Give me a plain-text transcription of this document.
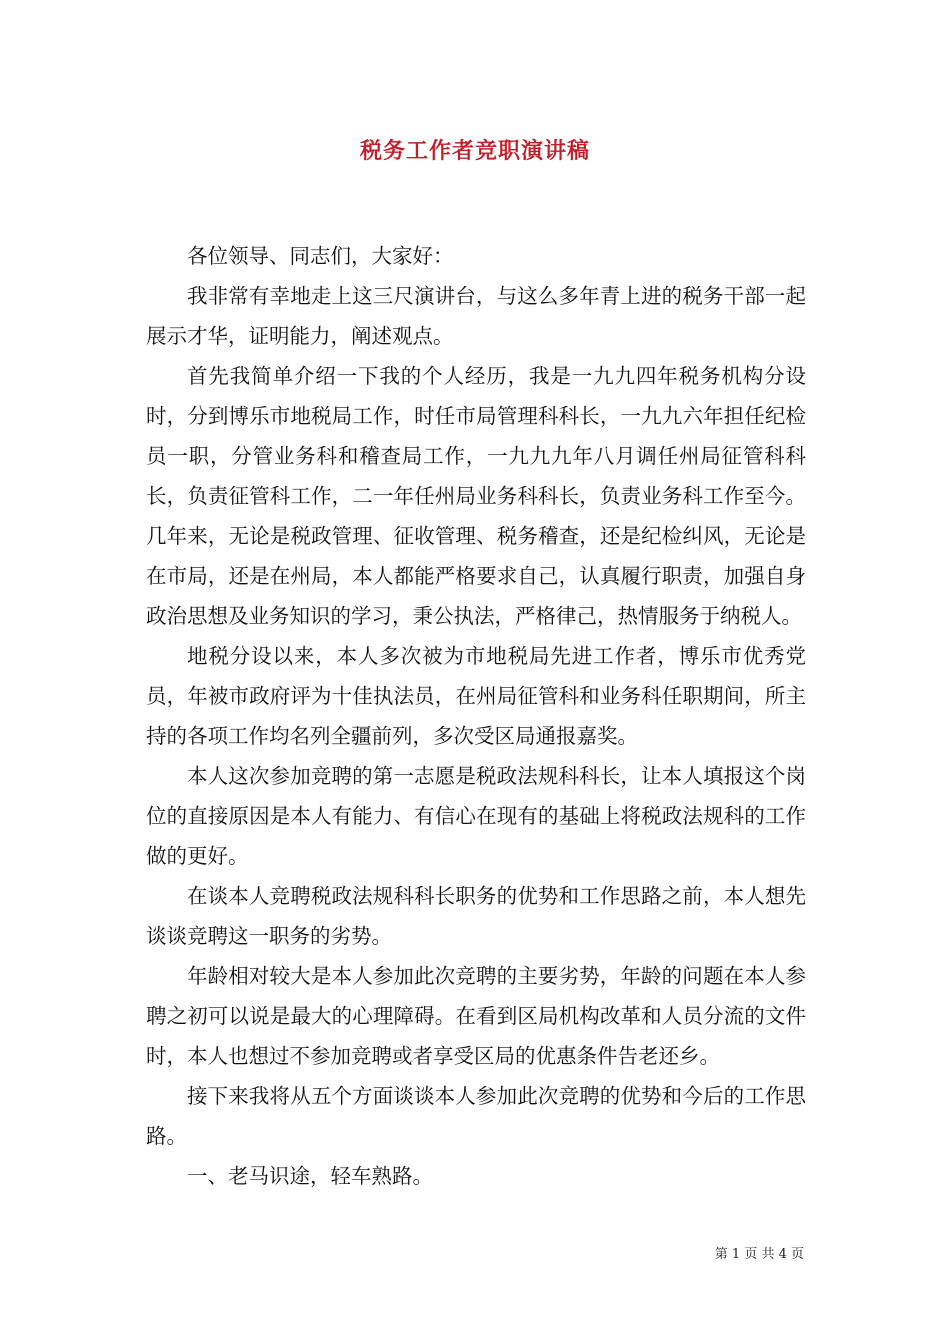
税务工作者竞职演讲稿

各位领导、同志们，大家好：

我非常有幸地走上这三尺演讲台，与这么多年青上进的税务干部一起展示才华，证明能力，阐述观点。

首先我简单介绍一下我的个人经历，我是一九九四年税务机构分设时，分到博乐市地税局工作，时任市局管理科科长，一九九六年担任纪检员一职，分管业务科和稽查局工作，一九九九年八月调任州局征管科科长，负责征管科工作，二一年任州局业务科科长，负责业务科工作至今。几年来，无论是税政管理、征收管理、税务稽查，还是纪检纠风，无论是在市局，还是在州局，本人都能严格要求自己，认真履行职责，加强自身政治思想及业务知识的学习，秉公执法，严格律己，热情服务于纳税人。

地税分设以来，本人多次被为市地税局先进工作者，博乐市优秀党员，年被市政府评为十佳执法员，在州局征管科和业务科任职期间，所主持的各项工作均名列全疆前列，多次受区局通报嘉奖。

本人这次参加竞聘的第一志愿是税政法规科科长，让本人填报这个岗位的直接原因是本人有能力、有信心在现有的基础上将税政法规科的工作做的更好。

在谈本人竞聘税政法规科科长职务的优势和工作思路之前，本人想先谈谈竞聘这一职务的劣势。

年龄相对较大是本人参加此次竞聘的主要劣势，年龄的问题在本人参聘之初可以说是最大的心理障碍。在看到区局机构改革和人员分流的文件时，本人也想过不参加竞聘或者享受区局的优惠条件告老还乡。

接下来我将从五个方面谈谈本人参加此次竞聘的优势和今后的工作思路。

一、老马识途，轻车熟路。

第 1 页 共 4 页
